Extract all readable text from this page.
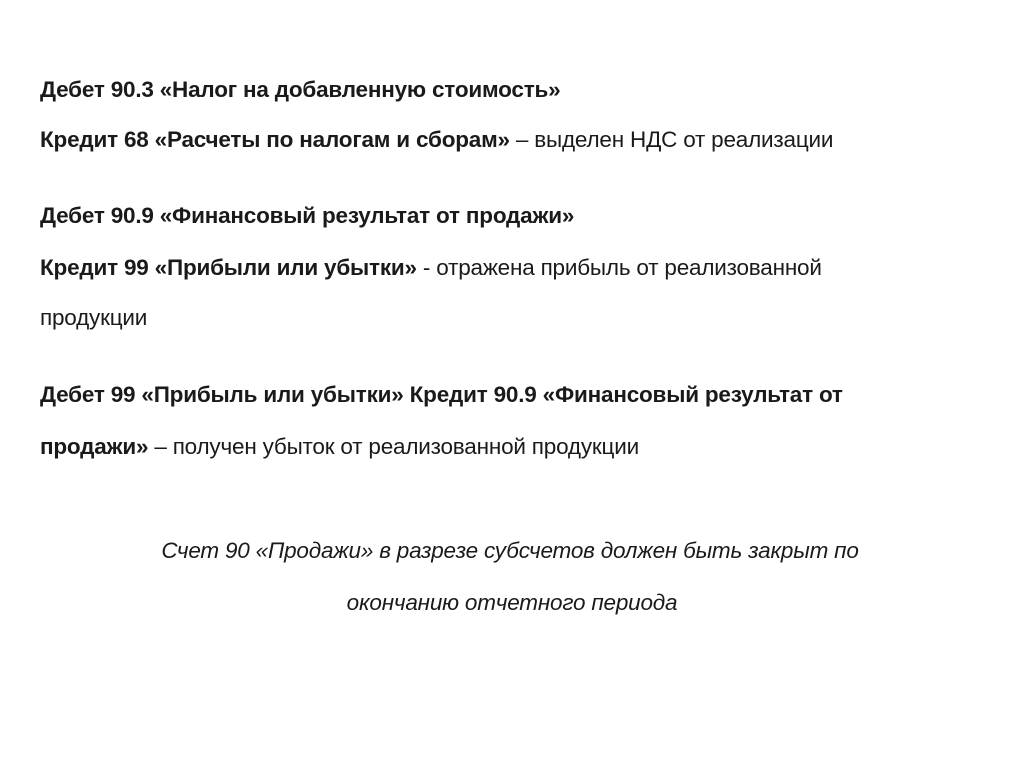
Дебет 90.3 «Налог на добавленную стоимость»
Кредит 68 «Расчеты по налогам и сборам» – выделен НДС от реализации
Дебет 90.9 «Финансовый результат от продажи»
Кредит 99 «Прибыли или убытки» - отражена прибыль от реализованной
продукции
Дебет 99 «Прибыль или убытки» Кредит 90.9 «Финансовый результат от
продажи» – получен убыток от реализованной продукции
Счет 90 «Продажи» в разрезе субсчетов должен быть закрыт по
окончанию отчетного периода
